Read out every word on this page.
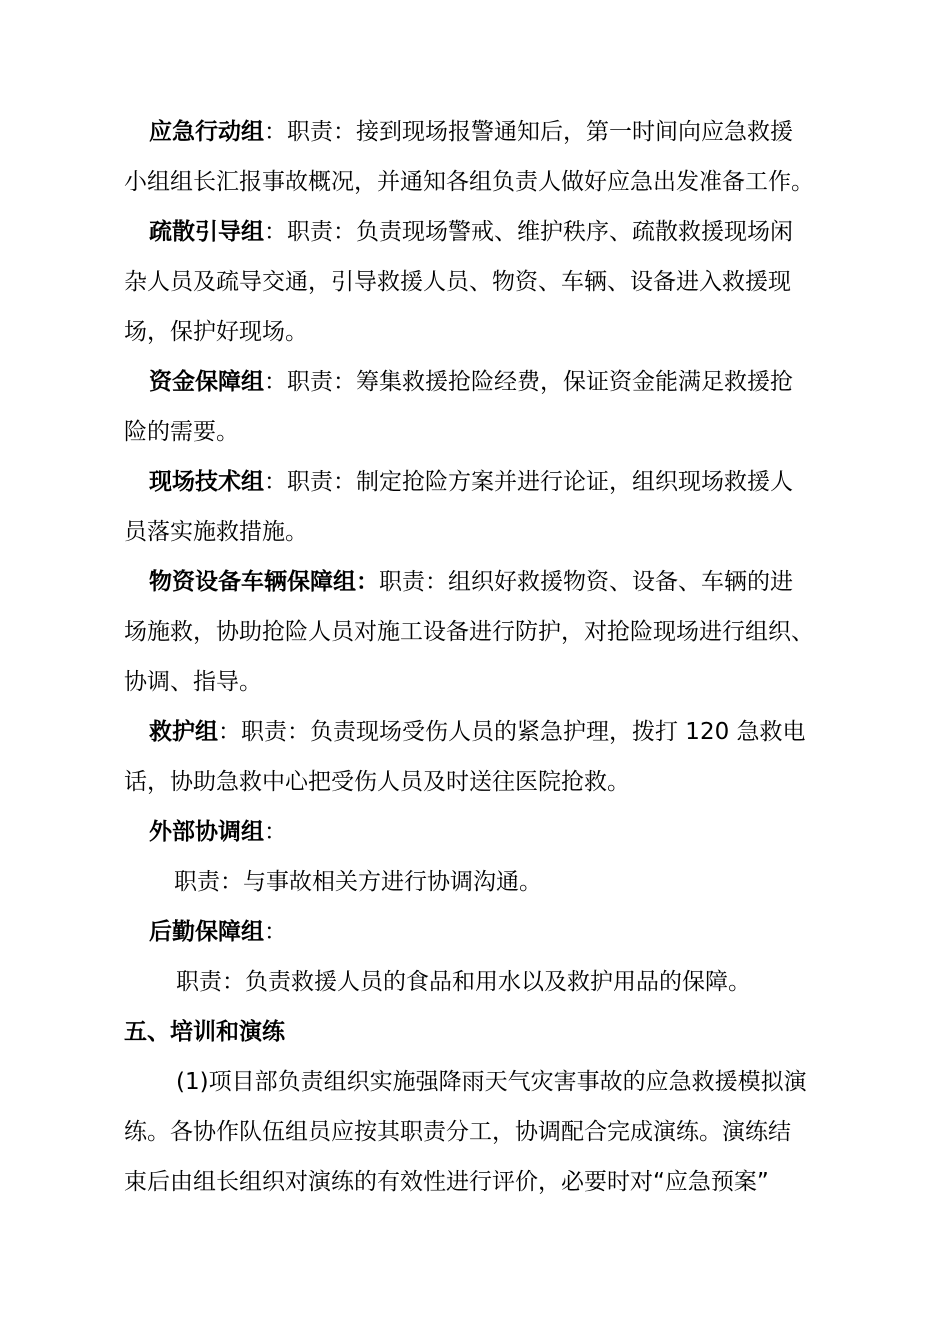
应急行动组：职责：接到现场报警通知后，第一时间向应急救援
小组组长汇报事故概况，并通知各组负责人做好应急出发准备工作。
疏散引导组：职责：负责现场警戒、维护秩序、疏散救援现场闲
杂人员及疏导交通，引导救援人员、物资、车辆、设备进入救援现
场，保护好现场。
资金保障组：职责：筹集救援抢险经费，保证资金能满足救援抢
险的需要。
现场技术组：职责：制定抢险方案并进行论证，组织现场救援人
员落实施救措施。
物资设备车辆保障组：职责：组织好救援物资、设备、车辆的进
场施救，协助抢险人员对施工设备进行防护，对抢险现场进行组织、
协调、指导。
救护组：职责：负责现场受伤人员的紧急护理，拨打 120 急救电
话，协助急救中心把受伤人员及时送往医院抢救。
外部协调组：
职责：与事故相关方进行协调沟通。
后勤保障组：
职责：负责救援人员的食品和用水以及救护用品的保障。
五、培训和演练
(1)项目部负责组织实施强降雨天气灾害事故的应急救援模拟演
练。各协作队伍组员应按其职责分工，协调配合完成演练。演练结
束后由组长组织对演练的有效性进行评价，必要时对“应急预案”
